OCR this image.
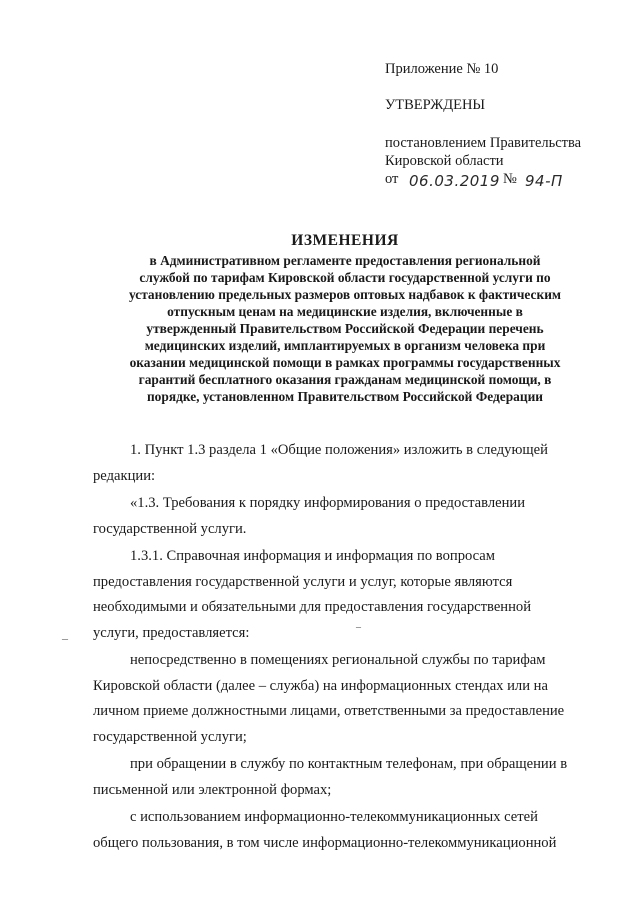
Приложение № 10
УТВЕРЖДЕНЫ
постановлением Правительства
Кировской области
от 06.03.2019 № 94-П
ИЗМЕНЕНИЯ
в Административном регламенте предоставления региональной
службой по тарифам Кировской области государственной услуги по
установлению предельных размеров оптовых надбавок к фактическим
отпускным ценам на медицинские изделия, включенные в
утвержденный Правительством Российской Федерации перечень
медицинских изделий, имплантируемых в организм человека при
оказании медицинской помощи в рамках программы государственных
гарантий бесплатного оказания гражданам медицинской помощи, в
порядке, установленном Правительством Российской Федерации
1. Пункт 1.3 раздела 1 «Общие положения» изложить в следующей
редакции:
«1.3. Требования к порядку информирования о предоставлении
государственной услуги.
1.3.1. Справочная информация и информация по вопросам
предоставления государственной услуги и услуг, которые являются
необходимыми и обязательными для предоставления государственной
услуги, предоставляется:
непосредственно в помещениях региональной службы по тарифам
Кировской области (далее – служба) на информационных стендах или на
личном приеме должностными лицами, ответственными за предоставление
государственной услуги;
при обращении в службу по контактным телефонам, при обращении в
письменной или электронной формах;
с использованием информационно-телекоммуникационных сетей
общего пользования, в том числе информационно-телекоммуникационной
–
–
